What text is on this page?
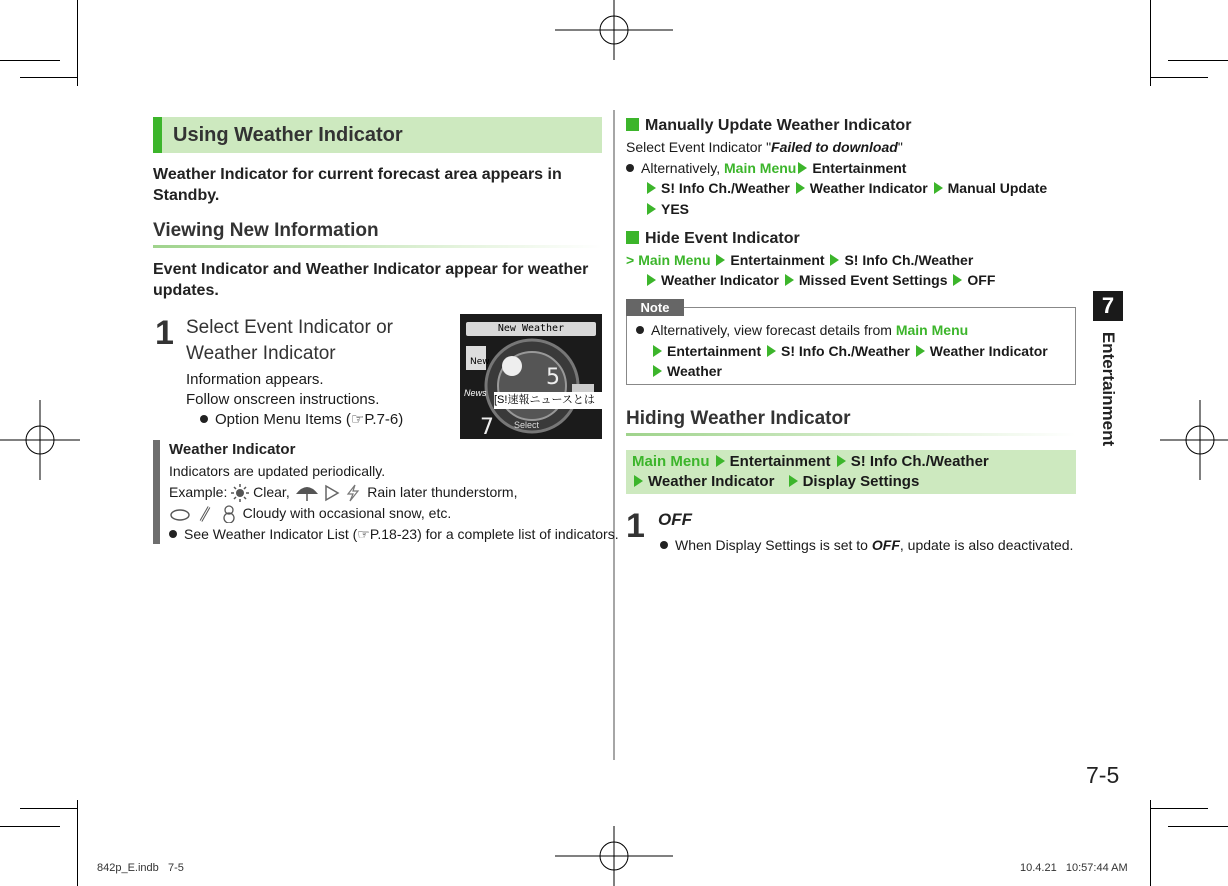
Using Weather Indicator
Weather Indicator for current forecast area appears in Standby.
Viewing New Information
Event Indicator and Weather Indicator appear for weather updates.
1 Select Event Indicator or Weather Indicator
Information appears.
Follow onscreen instructions.
Option Menu Items (☞P.7-6)
New Weather
5
7
New
News
[S!速報ニュースとは
Select
Weather Indicator
Indicators are updated periodically.
Example: Clear,	Rain later thunderstorm,
Cloudy with occasional snow, etc.
See Weather Indicator List (☞P.18-23) for a complete list of indicators.
Manually Update Weather Indicator
Select Event Indicator "Failed to download"
Alternatively, Main Menu Entertainment
S! Info Ch./Weather Weather Indicator Manual Update
YES
Hide Event Indicator
> Main Menu Entertainment S! Info Ch./Weather
Weather Indicator Missed Event Settings OFF
Note
Alternatively, view forecast details from Main Menu
Entertainment S! Info Ch./Weather Weather Indicator
Weather
Hiding Weather Indicator
Main Menu Entertainment S! Info Ch./Weather
Weather Indicator Display Settings
1 OFF
When Display Settings is set to OFF, update is also deactivated.
7
Entertainment
7-5
842p_E.indb   7-5	10.4.21   10:57:44 AM
